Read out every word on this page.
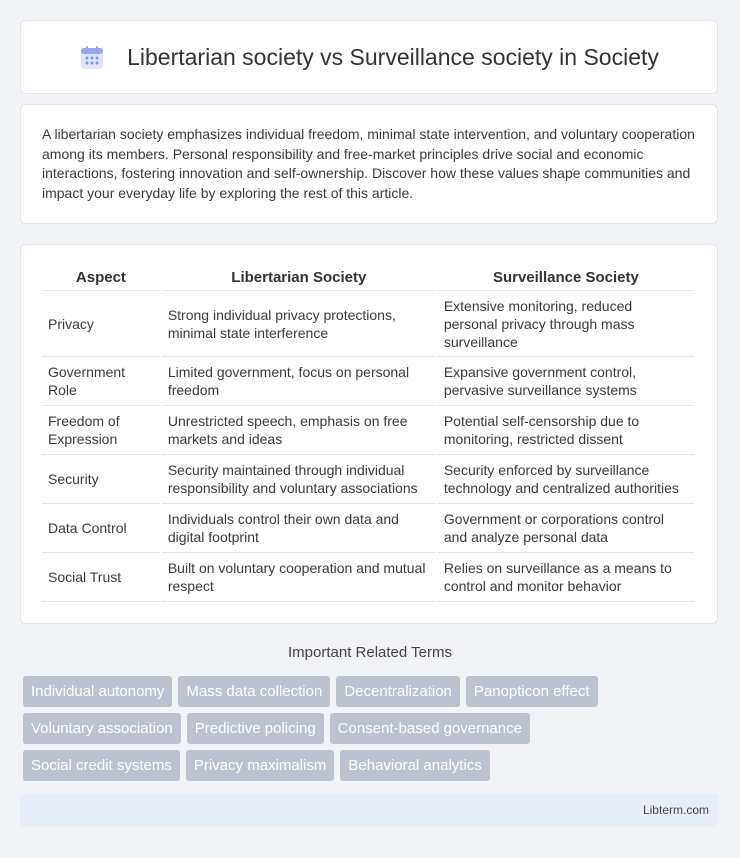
Libertarian society vs Surveillance society in Society

A libertarian society emphasizes individual freedom, minimal state intervention, and voluntary cooperation among its members. Personal responsibility and free-market principles drive social and economic interactions, fostering innovation and self-ownership. Discover how these values shape communities and impact your everyday life by exploring the rest of this article.

Aspect	Libertarian Society	Surveillance Society
Privacy	Strong individual privacy protections, minimal state interference	Extensive monitoring, reduced personal privacy through mass surveillance
Government Role	Limited government, focus on personal freedom	Expansive government control, pervasive surveillance systems
Freedom of Expression	Unrestricted speech, emphasis on free markets and ideas	Potential self-censorship due to monitoring, restricted dissent
Security	Security maintained through individual responsibility and voluntary associations	Security enforced by surveillance technology and centralized authorities
Data Control	Individuals control their own data and digital footprint	Government or corporations control and analyze personal data
Social Trust	Built on voluntary cooperation and mutual respect	Relies on surveillance as a means to control and monitor behavior
Important Related Terms
Individual autonomy	Mass data collection	Decentralization	Panopticon effect
Voluntary association	Predictive policing	Consent-based governance
Social credit systems	Privacy maximalism	Behavioral analytics
Libterm.com
